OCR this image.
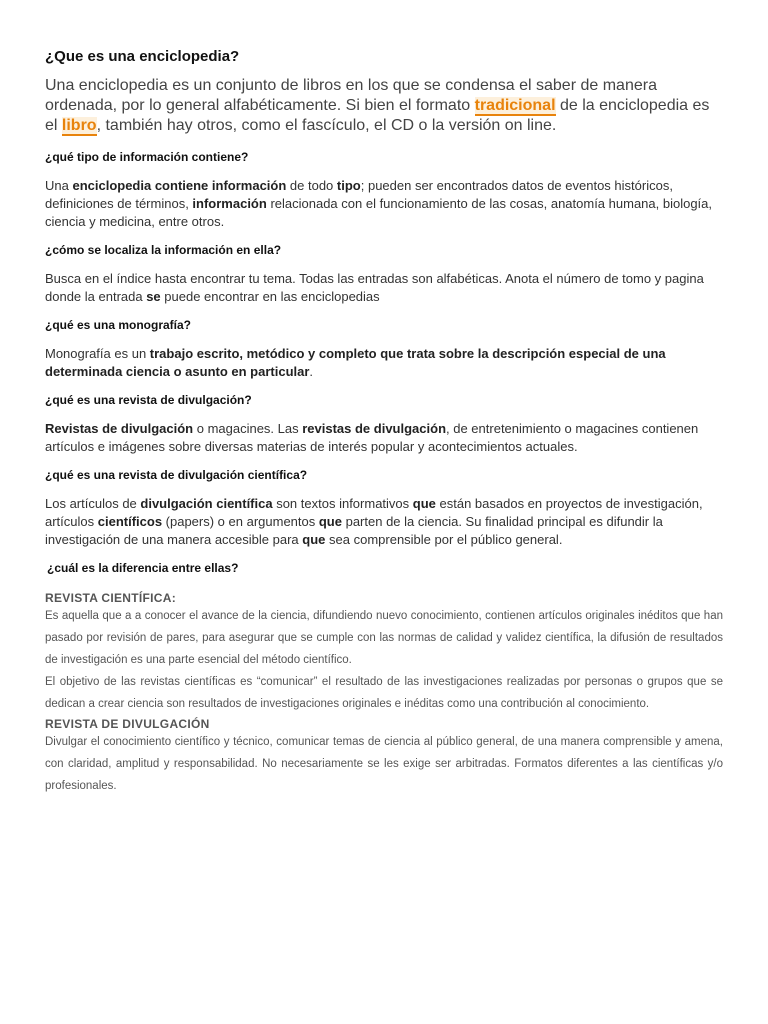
¿Que es una enciclopedia?

Una enciclopedia es un conjunto de libros en los que se condensa el saber de manera ordenada, por lo general alfabéticamente. Si bien el formato tradicional de la enciclopedia es el libro, también hay otros, como el fascículo, el CD o la versión on line.

¿qué tipo de información contiene?

Una enciclopedia contiene información de todo tipo; pueden ser encontrados datos de eventos históricos, definiciones de términos, información relacionada con el funcionamiento de las cosas, anatomía humana, biología, ciencia y medicina, entre otros.

¿cómo se localiza la información en ella?

Busca en el índice hasta encontrar tu tema. Todas las entradas son alfabéticas. Anota el número de tomo y pagina donde la entrada se puede encontrar en las enciclopedias

¿qué es una monografía?

Monografía es un trabajo escrito, metódico y completo que trata sobre la descripción especial de una determinada ciencia o asunto en particular.

¿qué es una revista de divulgación?

Revistas de divulgación o magacines. Las revistas de divulgación, de entretenimiento o magacines contienen artículos e imágenes sobre diversas materias de interés popular y acontecimientos actuales.

¿qué es una revista de divulgación científica?

Los artículos de divulgación científica son textos informativos que están basados en proyectos de investigación, artículos científicos (papers) o en argumentos que parten de la ciencia. Su finalidad principal es difundir la investigación de una manera accesible para que sea comprensible por el público general.

¿cuál es la diferencia entre ellas?

REVISTA CIENTÍFICA:

Es aquella que a a conocer el avance de la ciencia, difundiendo nuevo conocimiento, contienen artículos originales inéditos que han pasado por revisión de pares, para asegurar que se cumple con las normas de calidad y validez científica, la difusión de resultados de investigación es una parte esencial del método científico.

El objetivo de las revistas científicas es “comunicar” el resultado de las investigaciones realizadas por personas o grupos que se dedican a crear ciencia son resultados de investigaciones originales e inéditas como una contribución al conocimiento.

REVISTA DE DIVULGACIÓN

Divulgar el conocimiento científico y técnico, comunicar temas de ciencia al público general, de una manera comprensible y amena, con claridad, amplitud y responsabilidad. No necesariamente se les exige ser arbitradas. Formatos diferentes a las científicas y/o profesionales.
